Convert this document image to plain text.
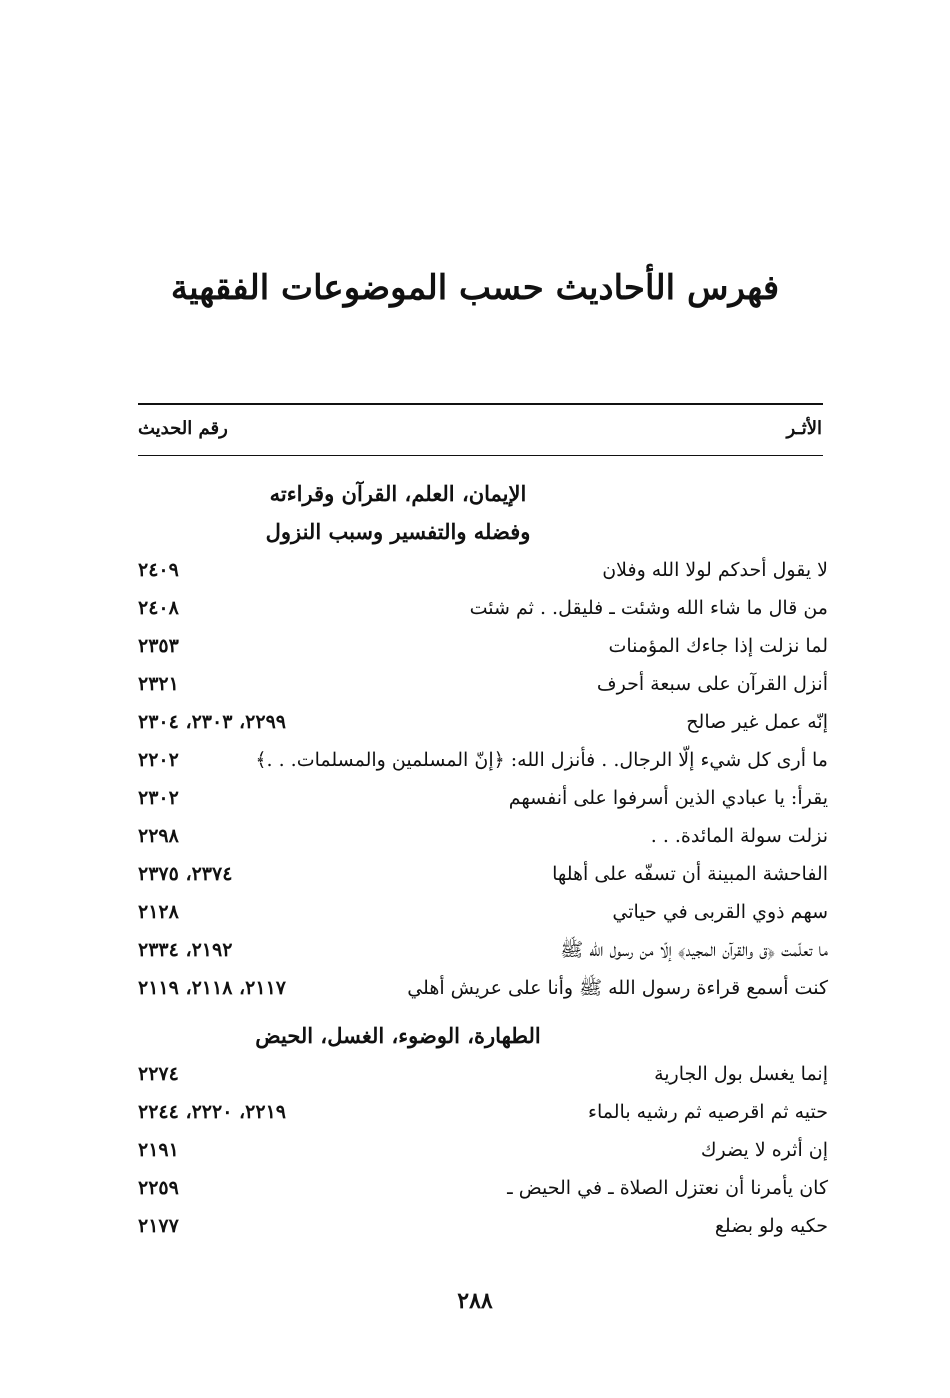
فهرس الأحاديث حسب الموضوعات الفقهية
الأثـر
رقم الحديث
الإيمان، العلم، القرآن وقراءته
وفضله والتفسير وسبب النزول
لا يقول أحدكم لولا الله وفلان
٢٤٠٩
من قال ما شاء الله وشئت ـ فليقل. . ثم شئت
٢٤٠٨
لما نزلت إذا جاءك المؤمنات
٢٣٥٣
أنزل القرآن على سبعة أحرف
٢٣٢١
إنّه عمل غير صالح
٢٢٩٩، ٢٣٠٣، ٢٣٠٤
ما أرى كل شيء إلّا الرجال. . فأنزل الله: ﴿إنّ المسلمين والمسلمات. . .﴾
٢٢٠٢
يقرأ: يا عبادي الذين أسرفوا على أنفسهم
٢٣٠٢
نزلت سولة المائدة. . .
٢٢٩٨
الفاحشة المبينة أن تسفّه على أهلها
٢٣٧٤، ٢٣٧٥
سهم ذوي القربى في حياتي
٢١٢٨
ما تعلّمت ﴿ق والقرآن المجيد﴾ إلّا من رسول الله ﷺ
٢١٩٢، ٢٣٣٤
كنت أسمع قراءة رسول الله ﷺ وأنا على عريش أهلي
٢١١٧، ٢١١٨، ٢١١٩
الطهارة، الوضوء، الغسل، الحيض
إنما يغسل بول الجارية
٢٢٧٤
حتيه ثم اقرصيه ثم رشيه بالماء
٢٢١٩، ٢٢٢٠، ٢٢٤٤
إن أثره لا يضرك
٢١٩١
كان يأمرنا أن نعتزل الصلاة ـ في الحيض ـ
٢٢٥٩
حكيه ولو بضلع
٢١٧٧
٢٨٨
